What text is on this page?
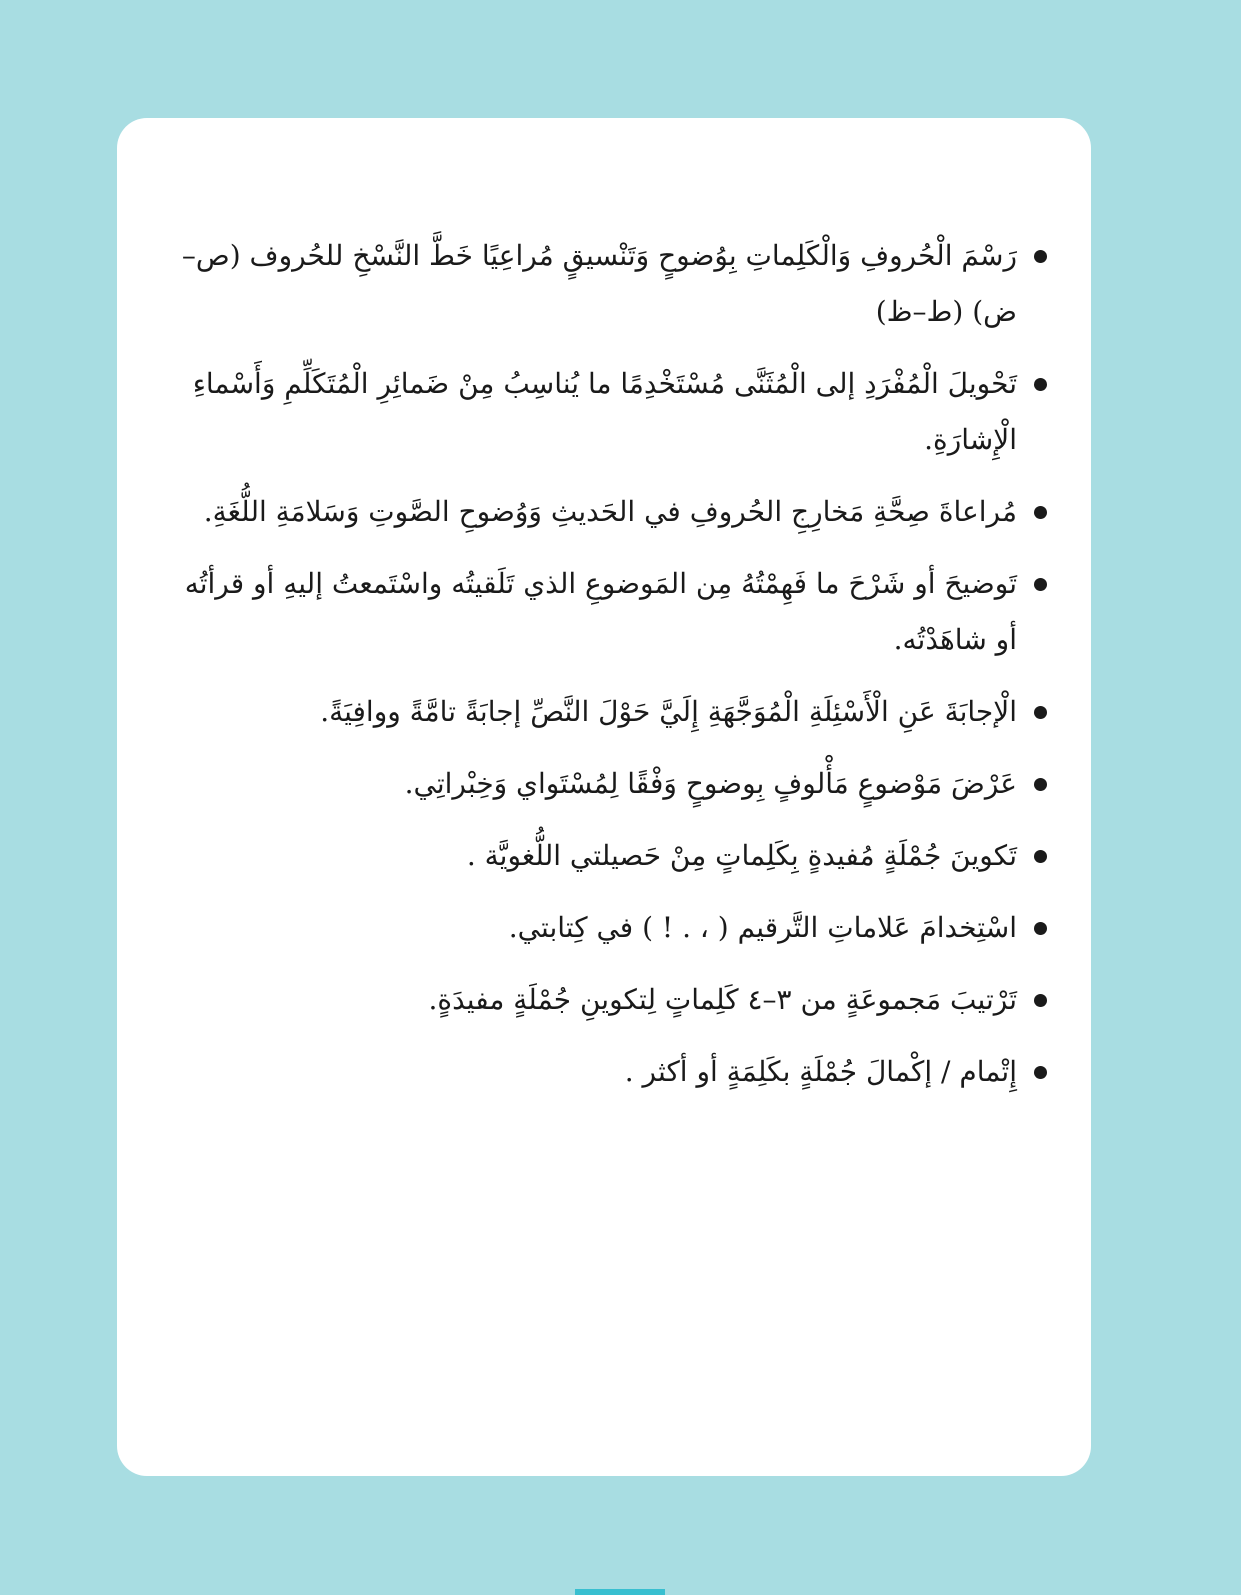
رَسْمَ الْحُروفِ وَالْكَلِماتِ بِوُضوحٍ وَتَنْسيقٍ مُراعِيًا خَطَّ النَّسْخِ للحُروف (ص–ض) (ط–ظ)
تَحْويلَ الْمُفْرَدِ إلى الْمُثَنَّى مُسْتَخْدِمًا ما يُناسِبُ مِنْ ضَمائِرِ الْمُتَكَلِّمِ وَأَسْماءِ الْإِشارَةِ.
مُراعاةَ صِحَّةِ مَخارِجِ الحُروفِ في الحَديثِ وَوُضوحِ الصَّوتِ وَسَلامَةِ اللُّغَةِ.
تَوضيحَ أو شَرْحَ ما فَهِمْتُهُ مِن المَوضوعِ الذي تَلَقيتُه واسْتَمعتُ إليهِ أو قرأتُه أو شاهَدْتُه.
الْإجابَةَ عَنِ الْأَسْئِلَةِ الْمُوَجَّهَةِ إِلَيَّ حَوْلَ النَّصِّ إجابَةً تامَّةً ووافِيَةً.
عَرْضَ مَوْضوعٍ مَأْلوفٍ بِوضوحٍ وَفْقًا لِمُسْتَواي وَخِبْراتِي.
تَكوينَ جُمْلَةٍ مُفيدةٍ بِكَلِماتٍ مِنْ حَصيلتي اللُّغويَّة .
اسْتِخدامَ عَلاماتِ التَّرقيم ( ، . ! ) في كِتابتي.
تَرْتيبَ مَجموعَةٍ من ٣–٤ كَلِماتٍ لِتكوينِ جُمْلَةٍ مفيدَةٍ.
إِتْمام / إكْمالَ جُمْلَةٍ بكَلِمَةٍ أو أكثر .
